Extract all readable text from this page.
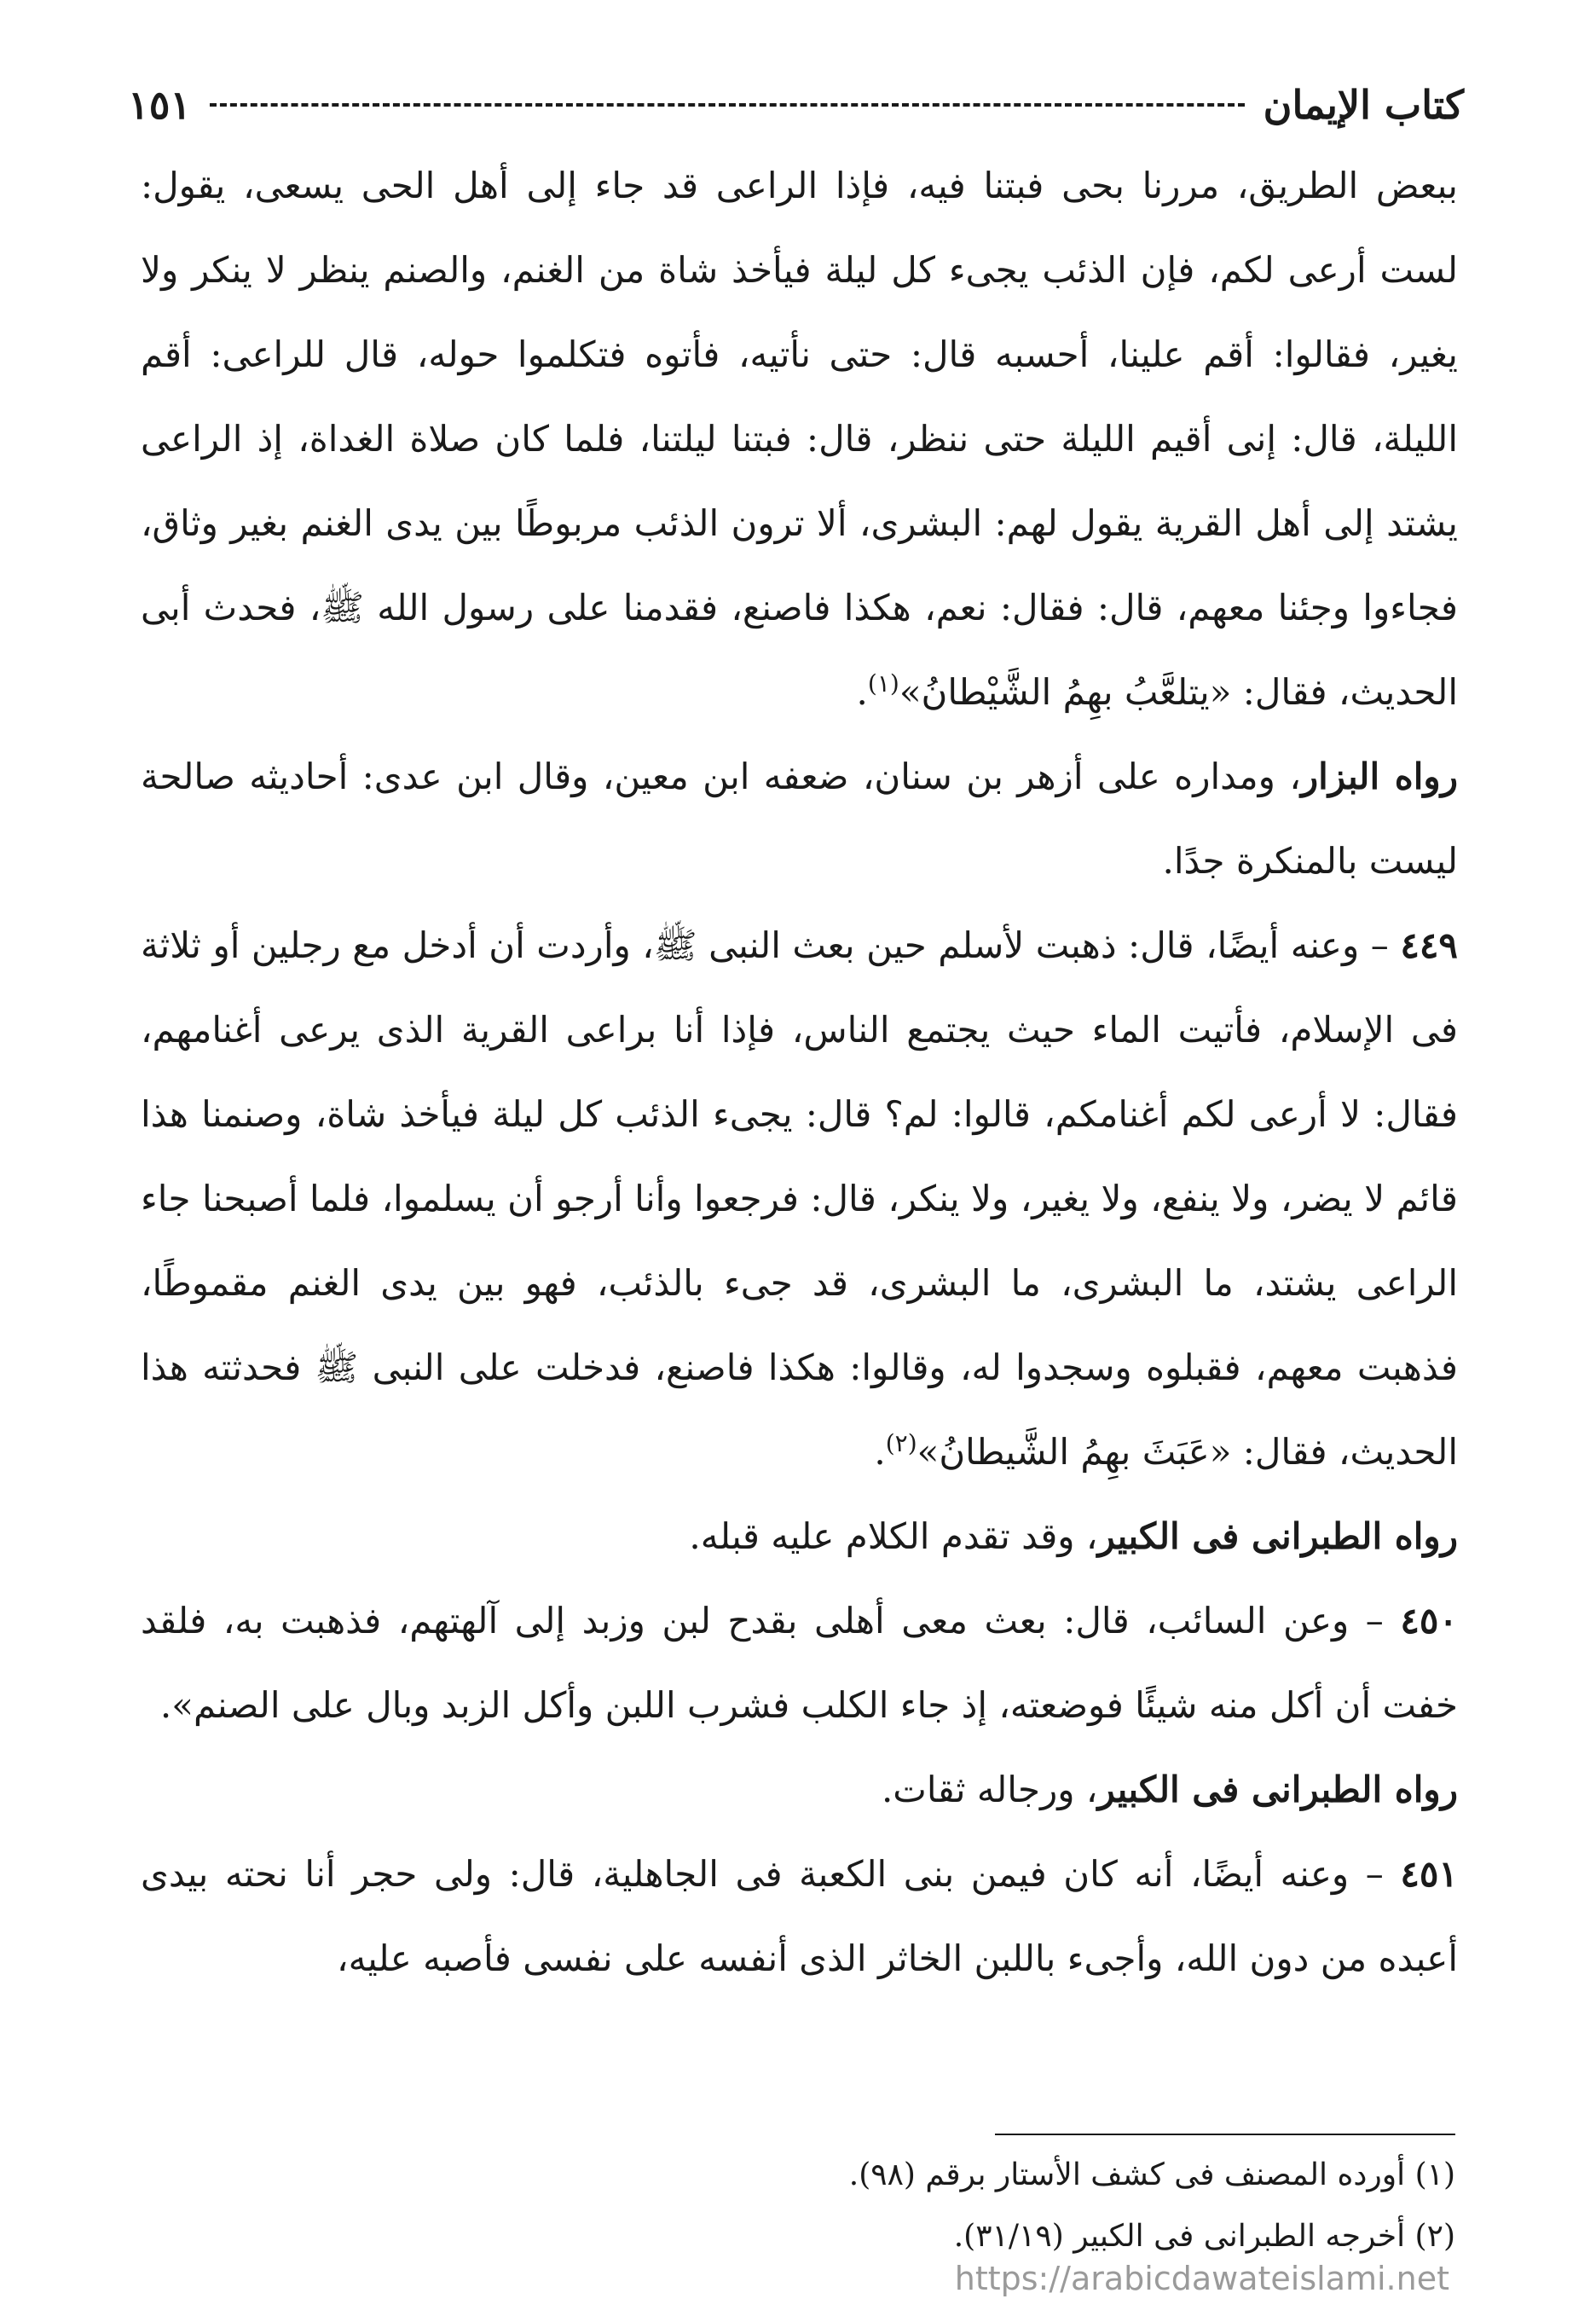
كتاب الإيمان
١٥١
ببعض الطريق، مررنا بحى فبتنا فيه، فإذا الراعى قد جاء إلى أهل الحى يسعى، يقول: لست أرعى لكم، فإن الذئب يجىء كل ليلة فيأخذ شاة من الغنم، والصنم ينظر لا ينكر ولا يغير، فقالوا: أقم علينا، أحسبه قال: حتى نأتيه، فأتوه فتكلموا حوله، قال للراعى: أقم الليلة، قال: إنى أقيم الليلة حتى ننظر، قال: فبتنا ليلتنا، فلما كان صلاة الغداة، إذ الراعى يشتد إلى أهل القرية يقول لهم: البشرى، ألا ترون الذئب مربوطًا بين يدى الغنم بغير وثاق، فجاءوا وجئنا معهم، قال: فقال: نعم، هكذا فاصنع، فقدمنا على رسول الله ﷺ، فحدث أبى الحديث، فقال: «يتلعَّبُ بهِمُ الشَّيْطانُ»$^{(١)}$.
رواه البزار، ومداره على أزهر بن سنان، ضعفه ابن معين، وقال ابن عدى: أحاديثه صالحة ليست بالمنكرة جدًا.
٤٤٩ – وعنه أيضًا، قال: ذهبت لأسلم حين بعث النبى ﷺ، وأردت أن أدخل مع رجلين أو ثلاثة فى الإسلام، فأتيت الماء حيث يجتمع الناس، فإذا أنا براعى القرية الذى يرعى أغنامهم، فقال: لا أرعى لكم أغنامكم، قالوا: لم؟ قال: يجىء الذئب كل ليلة فيأخذ شاة، وصنمنا هذا قائم لا يضر، ولا ينفع، ولا يغير، ولا ينكر، قال: فرجعوا وأنا أرجو أن يسلموا، فلما أصبحنا جاء الراعى يشتد، ما البشرى، ما البشرى، قد جىء بالذئب، فهو بين يدى الغنم مقموطًا، فذهبت معهم، فقبلوه وسجدوا له، وقالوا: هكذا فاصنع، فدخلت على النبى ﷺ فحدثته هذا الحديث، فقال: «عَبَثَ بهِمُ الشَّيطانُ»$^{(٢)}$.
رواه الطبرانى فى الكبير، وقد تقدم الكلام عليه قبله.
٤٥٠ – وعن السائب، قال: بعث معى أهلى بقدح لبن وزبد إلى آلهتهم، فذهبت به، فلقد خفت أن أكل منه شيئًا فوضعته، إذ جاء الكلب فشرب اللبن وأكل الزبد وبال على الصنم».
رواه الطبرانى فى الكبير، ورجاله ثقات.
٤٥١ – وعنه أيضًا، أنه كان فيمن بنى الكعبة فى الجاهلية، قال: ولى حجر أنا نحته بيدى أعبده من دون الله، وأجىء باللبن الخاثر الذى أنفسه على نفسى فأصبه عليه،
(١) أورده المصنف فى كشف الأستار برقم (٩٨).
(٢) أخرجه الطبرانى فى الكبير (٣١/١٩).
https://arabicdawateislami.net
